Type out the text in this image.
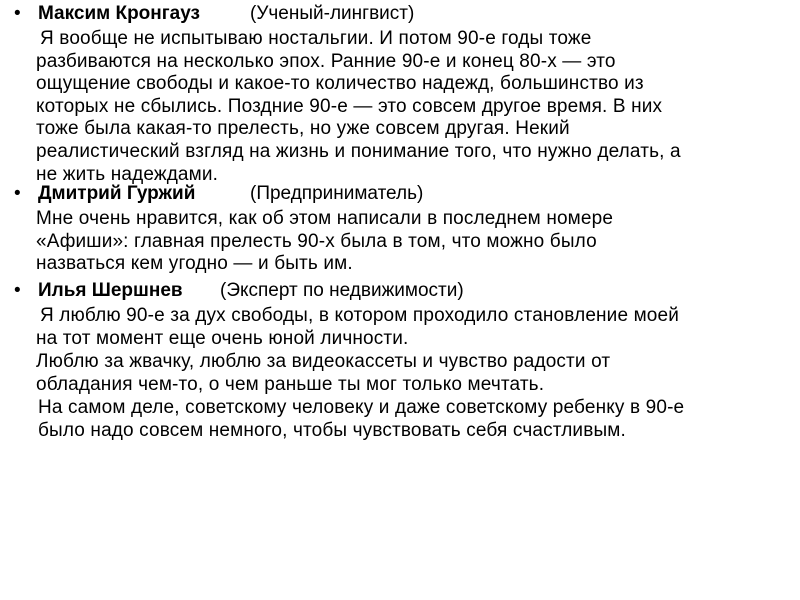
• Максим Кронгауз	(Ученый-лингвист)

Я вообще не испытываю ностальгии. И потом 90-е годы тоже
разбиваются на несколько эпох. Ранние 90-е и конец 80-х — это
ощущение свободы и какое-то количество надежд, большинство из
которых не сбылись. Поздние 90-е — это совсем другое время. В них
тоже была какая-то прелесть, но уже совсем другая. Некий
реалистический взгляд на жизнь и понимание того, что нужно делать, а
не жить надеждами.

• Дмитрий Гуржий	(Предприниматель)

Мне очень нравится, как об этом написали в последнем номере
«Афиши»: главная прелесть 90-х была в том, что можно было
назваться кем угодно — и быть им.

• Илья Шершнев (Эксперт по недвижимости)

Я люблю 90-е за дух свободы, в котором проходило становление моей
на тот момент еще очень юной личности.

Люблю за жвачку, люблю за видеокассеты и чувство радости от
обладания чем-то, о чем раньше ты мог только мечтать.

На самом деле, советскому человеку и даже советскому ребенку в 90-е
было надо совсем немного, чтобы чувствовать себя счастливым.
